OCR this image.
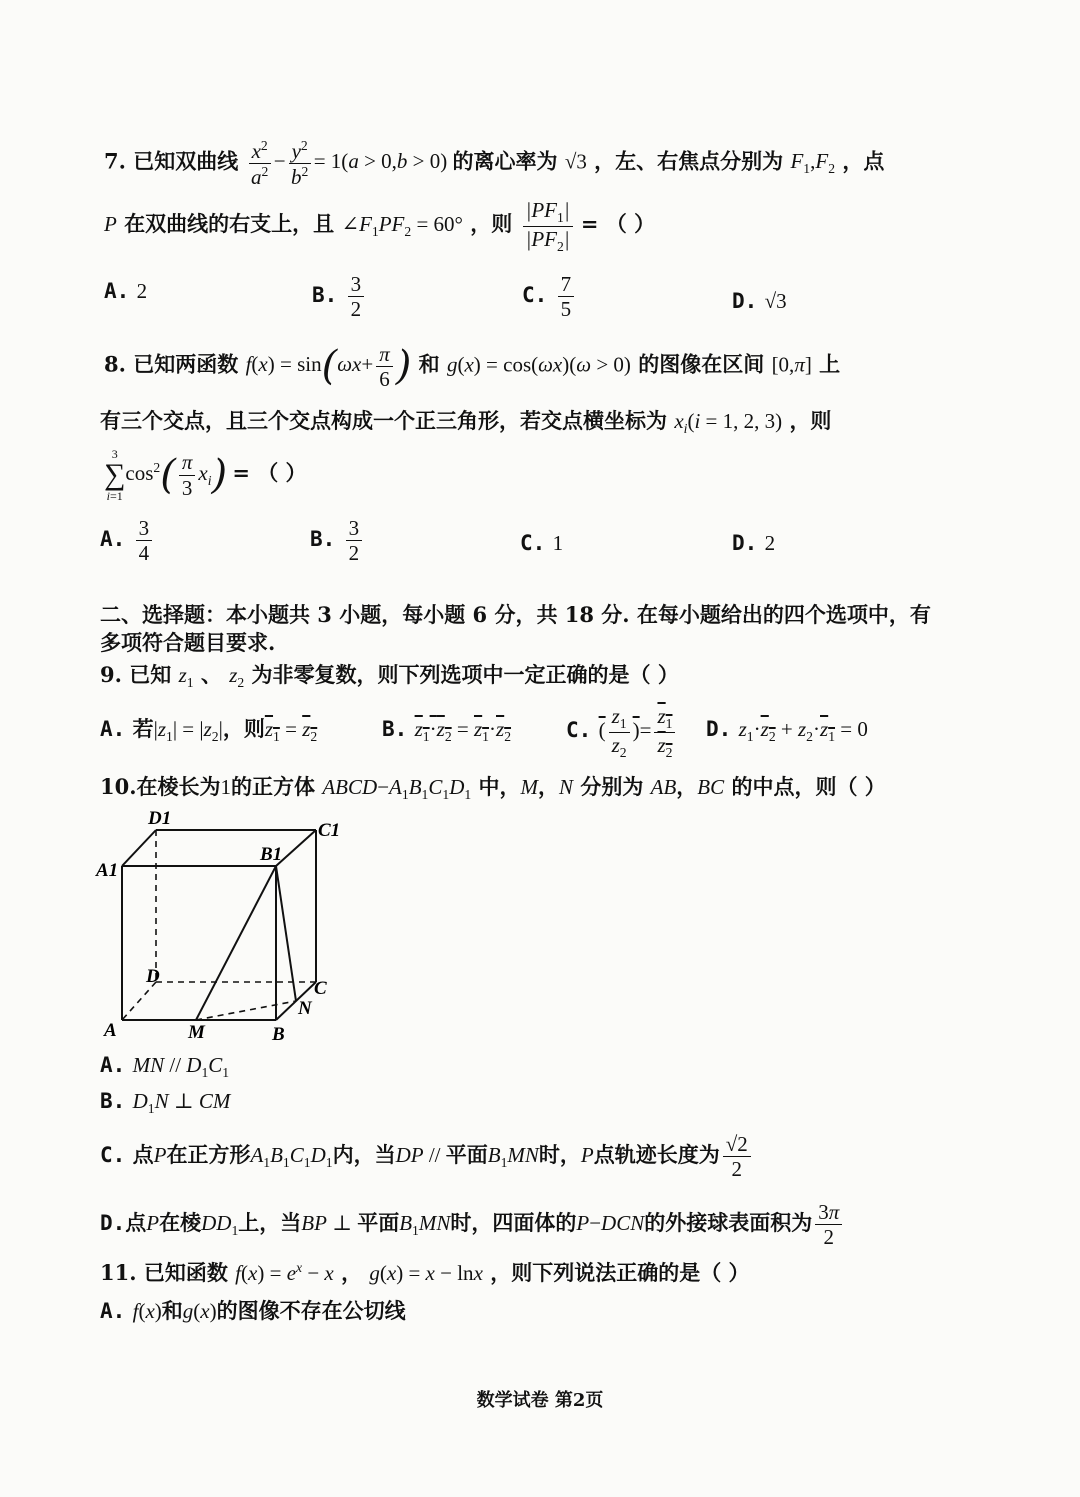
7. 已知双曲线 $\frac{x^2}{a^2} - \frac{y^2}{b^2} = 1(a > 0,b > 0)$ 的离心率为 √3 ，左、右焦点分别为 $F_1,F_2$ ，点
P 在双曲线的右支上，且 $\angle F_1PF_2 = 60^\circ$ ，则 $\frac{|PF_1|}{|PF_2|}$ = （ ）
A. 2	B. $\frac{3}{2}$	C. $\frac{7}{5}$	D. √3
8. 已知两函数 $f(x) = \sin(\omega x+ \frac{\pi}{6}$ ) 和 g(x) = cos(ωx)(ω > 0) 的图像在区间 [0,π] 上
有三个交点，且三个交点构成一个正三角形，若交点横坐标为 $x_i(i = 1$, 2, 3) ，则
3
∑
i=1
$\cos^2( \frac{\pi}{3} x_i)$ = （ ）
A. $\frac{3}{4}$	B. $\frac{3}{2}$	C. 1	D. 2
二、选择题：本小题共 3 小题，每小题 6 分，共 18 分. 在每小题给出的四个选项中，有
多项符合题目要求.
9. 已知 $z_1$ 、 $z_2$ 为非零复数，则下列选项中一定正确的是（ ）
A. 若$|z_1| = |z_2|$，则$z_1 = z_2$	B. $z_1\cdot z_2 = z_1\cdot z_2$	C. ( $\frac{z_1}{z_2}$ )= $\frac{z_1}{z_2} D$. $z_1\cdot z_2 + z_2\cdot z_1 = 0$
10.在棱长为1的正方体 $ABCD-A_1B_1C_1D_1$ 中，M，N 分别为 AB，BC 的中点，则（ ）
D1
C1
A1
B1
D
C
N
A	M	B
A. MN // $D_1C_1$
B. $D_1N$ ⊥ CM
C. 点P在正方形$A_1B_1C_1D_1$内，当DP // 平面$B_1MN$时，P点轨迹长度为 $\frac{√2}{2}$
D.点P在棱$DD_1$上，当BP ⊥ 平面$B_1MN$时，四面体的P−DCN的外接球表面积为 $\frac{3\pi}{2}$
11. 已知函数 $f(x) = e^x - x$ ， g(x) = x − lnx ，则下列说法正确的是（ ）
A. f(x)和g(x)的图像不存在公切线
数学试卷 第2页
